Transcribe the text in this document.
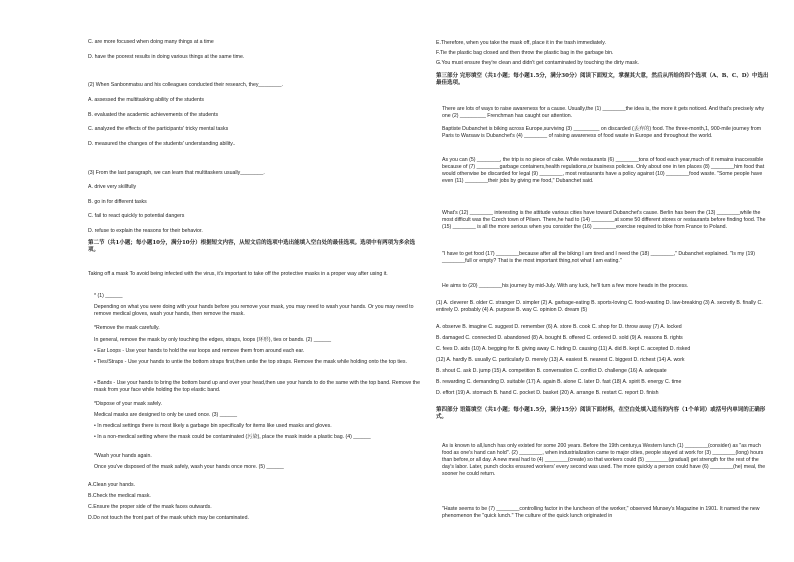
C. are more focused when doing many things at a time
D. have the poorest results in doing various things at the same time.
(2) When Sanbonmatsu and his colleagues conducted their research, they________.
A. assessed the multitasking ability of the students
B. evaluated the academic achievements of the students
C. analyzed the effects of the participants' tricky mental tasks
D. measured the changes of the students' understanding ability..
(3) From the last paragraph, we can learn that multitaskers usually________.
A. drive very skillfully
B. go in for different tasks
C. fail to react quickly to potential dangers
D. refuse to explain the reasons for their behavior.
第二节（共1小题；每小题10分，满分10分）根据短文内容，从短文后的选项中选出能填入空白处的最佳选项。选项中有两项为多余选项。
Taking off a mask To avoid being infected with the virus, it's important to take off the protective masks in a proper way after using it.
* (1) ______
Depending on what you were doing with your hands before you remove your mask, you may need to wash your hands. Or you may need to remove medical gloves, wash your hands, then remove the mask.
*Remove the mask carefully.
In general, remove the mask by only touching the edges, straps, loops (环形), ties or bands. (2) ______
• Ear Loops - Use your hands to hold the ear loops and remove them from around each ear.
• Ties/Straps - Use your hands to untie the bottom straps first,then untie the top straps. Remove the mask while holding onto the top ties.
• Bands - Use your hands to bring the bottom band up and over your head,then use your hands to do the same with the top band. Remove the mask from your face while holding the top elastic band.
*Dispose of your mask safely.
Medical masks are designed to only be used once. (3) ______
• In medical settings there is most likely a garbage bin specifically for items like used masks and gloves.
• In a non-medical setting where the mask could be contaminated (污染), place the mask inside a plastic bag. (4) ______
*Wash your hands again.
Once you've disposed of the mask safely, wash your hands once more. (5) ______
A.Clean your hands.
B.Check the medical mask.
C.Ensure the proper side of the mask faces outwards.
D.Do not touch the front part of the mask which may be contaminated.
E.Therefore, when you take the mask off, place it in the trash immediately.
F.Tie the plastic bag closed and then throw the plastic bag in the garbage bin.
G.You must ensure they're clean and didn't get contaminated by touching the dirty mask.
第三部分 完形填空（共1小题；每小题1.5分，满分30分）阅读下面短文，掌握其大意，然后从所给的四个选项（A、B、C、D）中选出最佳选项。
There are lots of ways to raise awareness for a cause. Usually,the (1) ________the idea is, the more it gets noticed. And that's precisely why one (2) _________ Frenchman has caught our attention.
Baptiste Dubanchet is biking across Europe,surviving (3) _________ on discarded (丢弃的) food. The three-month,1, 900-mile journey from Paris to Warsaw is Dubanchet's (4) ________ of raising awareness of food waste in Europe and throughout the world.
As you can (5) ________, the trip is no piece of cake. While restaurants (6) ________tons of food each year,much of it remains inaccessible because of (7) ________garbage containers,health regulations,or business policies. Only about one in ten places (8) ________him food that would otherwise be discarded for legal (9) ________, most restaurants have a policy against (10) ________food waste. "Some people have even (11) ________their jobs by giving me food," Dubanchet said.
What's (12) ________ interesting is the attitude various cities have toward Dubanchet's cause. Berlin has been the (13) ________while the most difficult was the Czech town of Pilsen. There,he had to (14) ________at some 50 different stores or restaurants before finding food. The (15) ________ is all the more serious when you consider the (16) ________exercise required to bike from France to Poland.
"I have to get food (17) ________because after all the biking I am tired and I need the (18) ________," Dubanchet explained. "Is my (19) ________full or empty? That is the most important thing,not what I am eating."
He aims to (20) ________his journey by mid-July. With any luck, he'll turn a few more heads in the process.
(1) A. cleverer B. older C. stranger D. simpler (2) A. garbage-eating B. sports-loving C. food-wasting D. law-breaking (3) A. secretly B. finally C. entirely D. probably (4) A. purpose B. way C. opinion D. dream (5)
A. observe B. imagine C. suggest D. remember (6) A. store B. cook C. shop for D. throw away (7) A. locked
B. damaged C. connected D. abandoned (8) A. bought B. offered C. ordered D. sold (9) A. reasons B. rights
C. fees D. aids (10) A. begging for B. giving away C. hiding D. causing (11) A. did B. kept C. accepted D. risked
(12) A. hardly B. usually C. particularly D. merely (13) A. easiest B. nearest C. biggest D. richest (14) A. work
B. shout C. ask D. jump (15) A. competition B. conversation C. conflict D. challenge (16) A. adequate
B. rewarding C. demanding D. suitable (17) A. again B. alone C. later D. fast (18) A. spirit B. energy C. time
D. effort (19) A. stomach B. hand C. pocket D. basket (20) A. arrange B. restart C. report D. finish
第四部分 语篇填空（共1小题；每小题1.5分，满分15分）阅读下面材料，在空白处填入适当的内容（1个单词）或括号内单词的正确形式。
As is known to all,lunch has only existed for some 200 years. Before the 19th century,a Western lunch (1) ________(consider) as "as much food as one's hand can hold". (2) ________, when industrialization came to major cities, people stayed at work for (3) ________(long) hours than before,or all day. A new meal had to (4) ________(create) so that workers could (5) ________(gradual) get strength for the rest of the day's labor. Later, punch clocks ensured workers' every second was used. The more quickly a person could have (6) ________(he) meal, the sooner he could return.
"Haste seems to be (7) ________controlling factor in the luncheon of the worker," observed Munsey's Magazine in 1901. It named the new phenomenon the "quick lunch." The culture of the quick lunch originated in
